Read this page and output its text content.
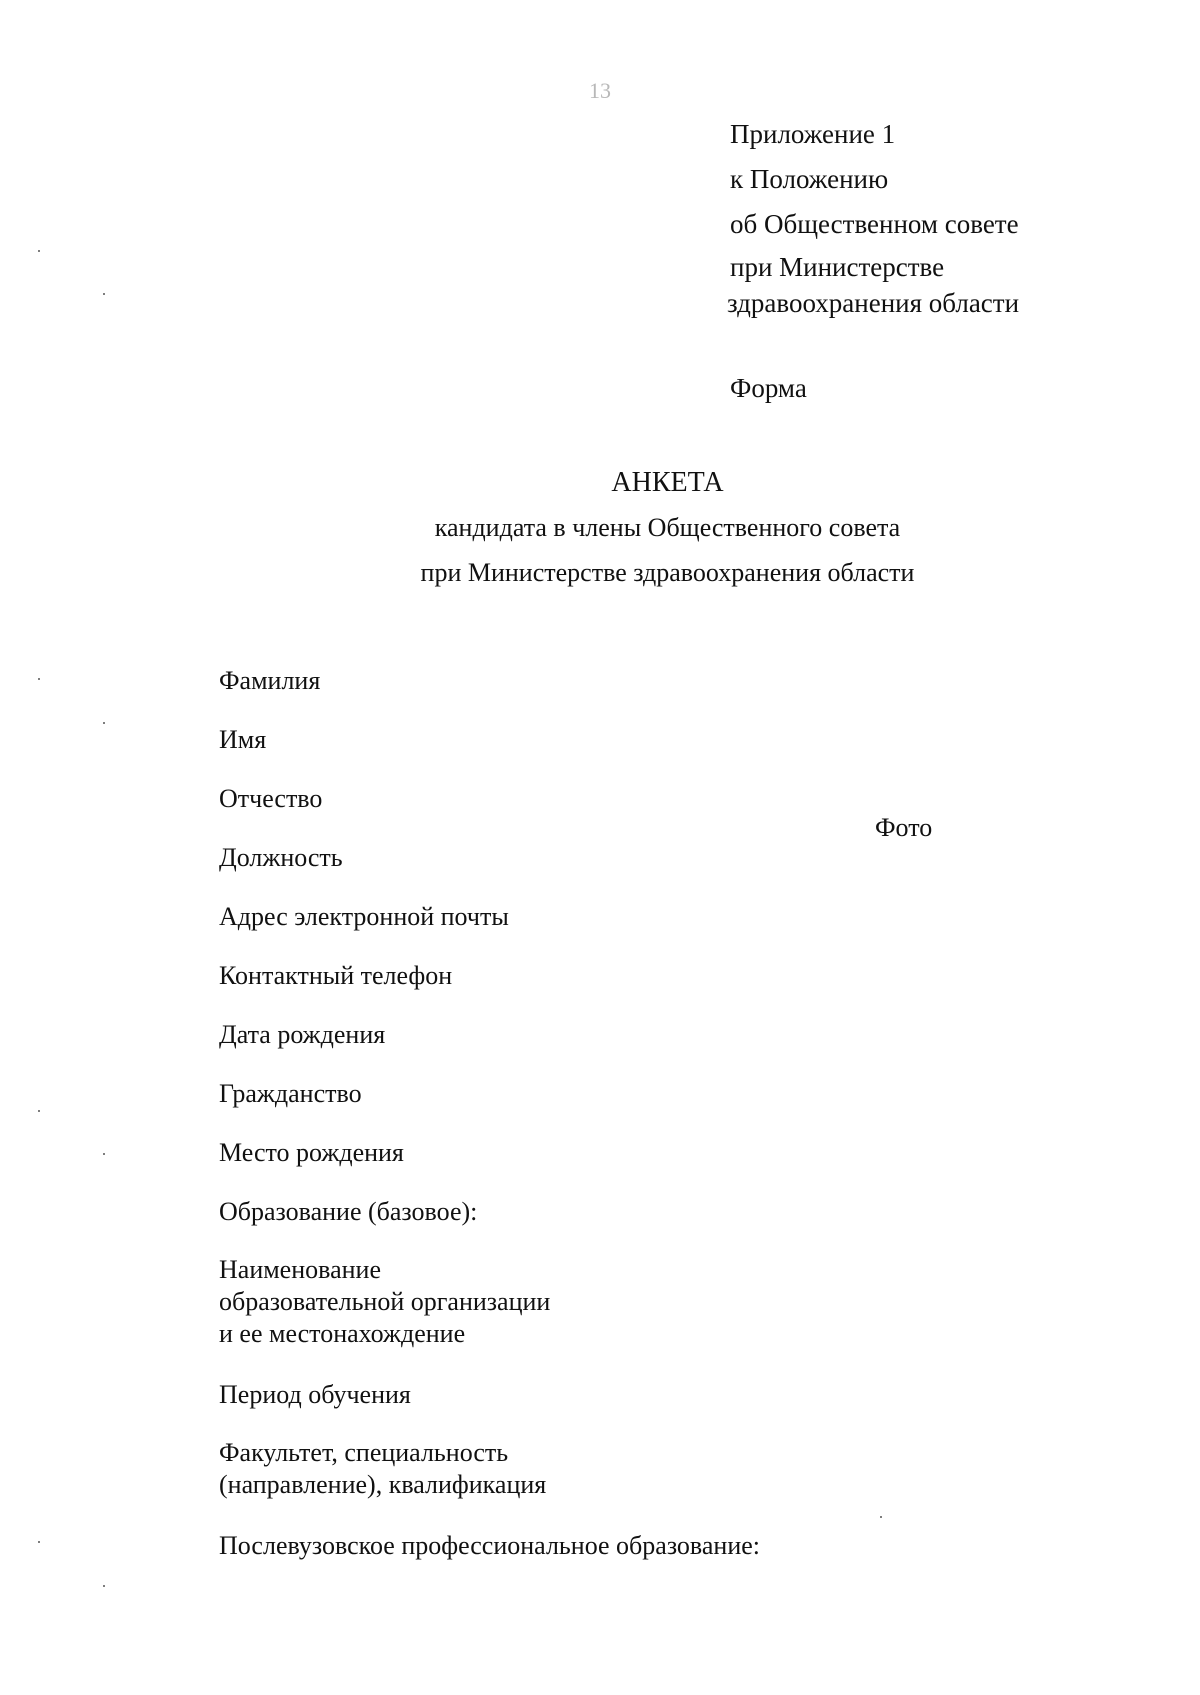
13
Приложение 1
к Положению
об Общественном совете
при Министерстве
здравоохранения области
Форма
АНКЕТА
кандидата в члены Общественного совета
при Министерстве здравоохранения области
Фото
Фамилия
Имя
Отчество
Должность
Адрес электронной почты
Контактный телефон
Дата рождения
Гражданство
Место рождения
Образование (базовое):
Наименование
образовательной организации
и ее местонахождение
Период обучения
Факультет, специальность
(направление), квалификация
Послевузовское профессиональное образование:
